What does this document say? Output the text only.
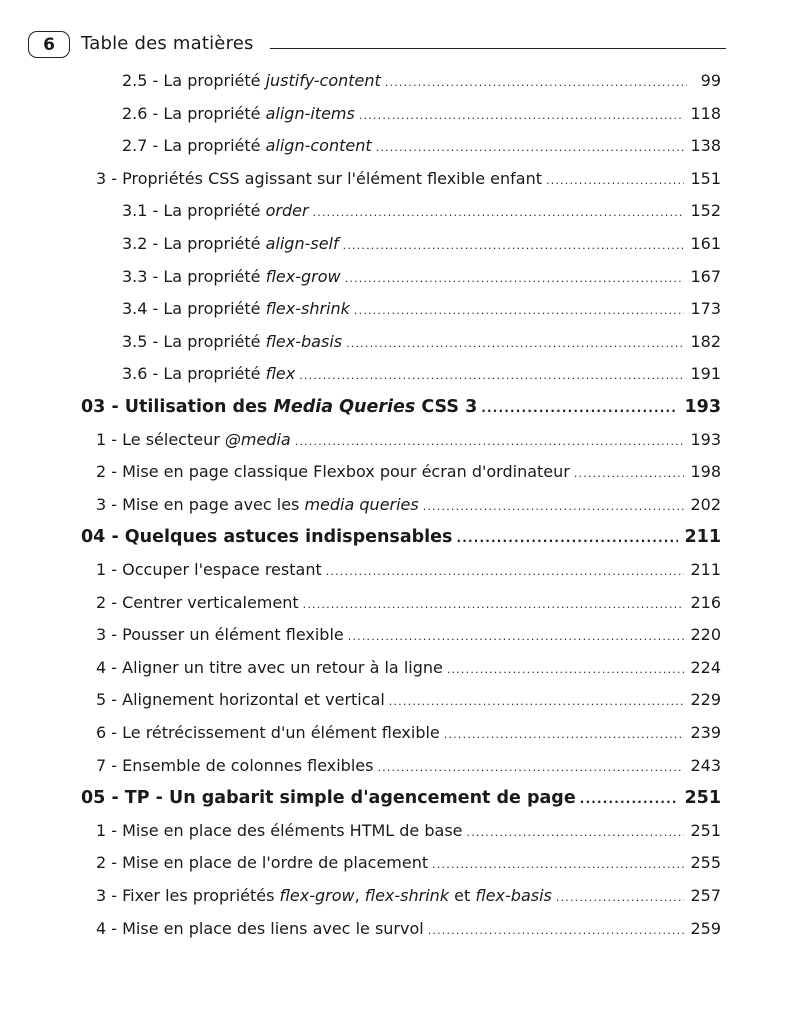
6	Table des matières
2.5 - La propriété justify-content .....	99
2.6 - La propriété align-items .....	118
2.7 - La propriété align-content .....	138
3 - Propriétés CSS agissant sur l'élément flexible enfant .....	151
3.1 - La propriété order .....	152
3.2 - La propriété align-self .....	161
3.3 - La propriété flex-grow .....	167
3.4 - La propriété flex-shrink .....	173
3.5 - La propriété flex-basis .....	182
3.6 - La propriété flex .....	191
03 - Utilisation des Media Queries CSS 3 .....	193
1 - Le sélecteur @media .....	193
2 - Mise en page classique Flexbox pour écran d'ordinateur .....	198
3 - Mise en page avec les media queries .....	202
04 - Quelques astuces indispensables .....	211
1 - Occuper l'espace restant .....	211
2 - Centrer verticalement .....	216
3 - Pousser un élément flexible .....	220
4 - Aligner un titre avec un retour à la ligne .....	224
5 - Alignement horizontal et vertical .....	229
6 - Le rétrécissement d'un élément flexible .....	239
7 - Ensemble de colonnes flexibles .....	243
05 - TP - Un gabarit simple d'agencement de page .....	251
1 - Mise en place des éléments HTML de base .....	251
2 - Mise en place de l'ordre de placement .....	255
3 - Fixer les propriétés flex-grow, flex-shrink et flex-basis .....	257
4 - Mise en place des liens avec le survol .....	259
